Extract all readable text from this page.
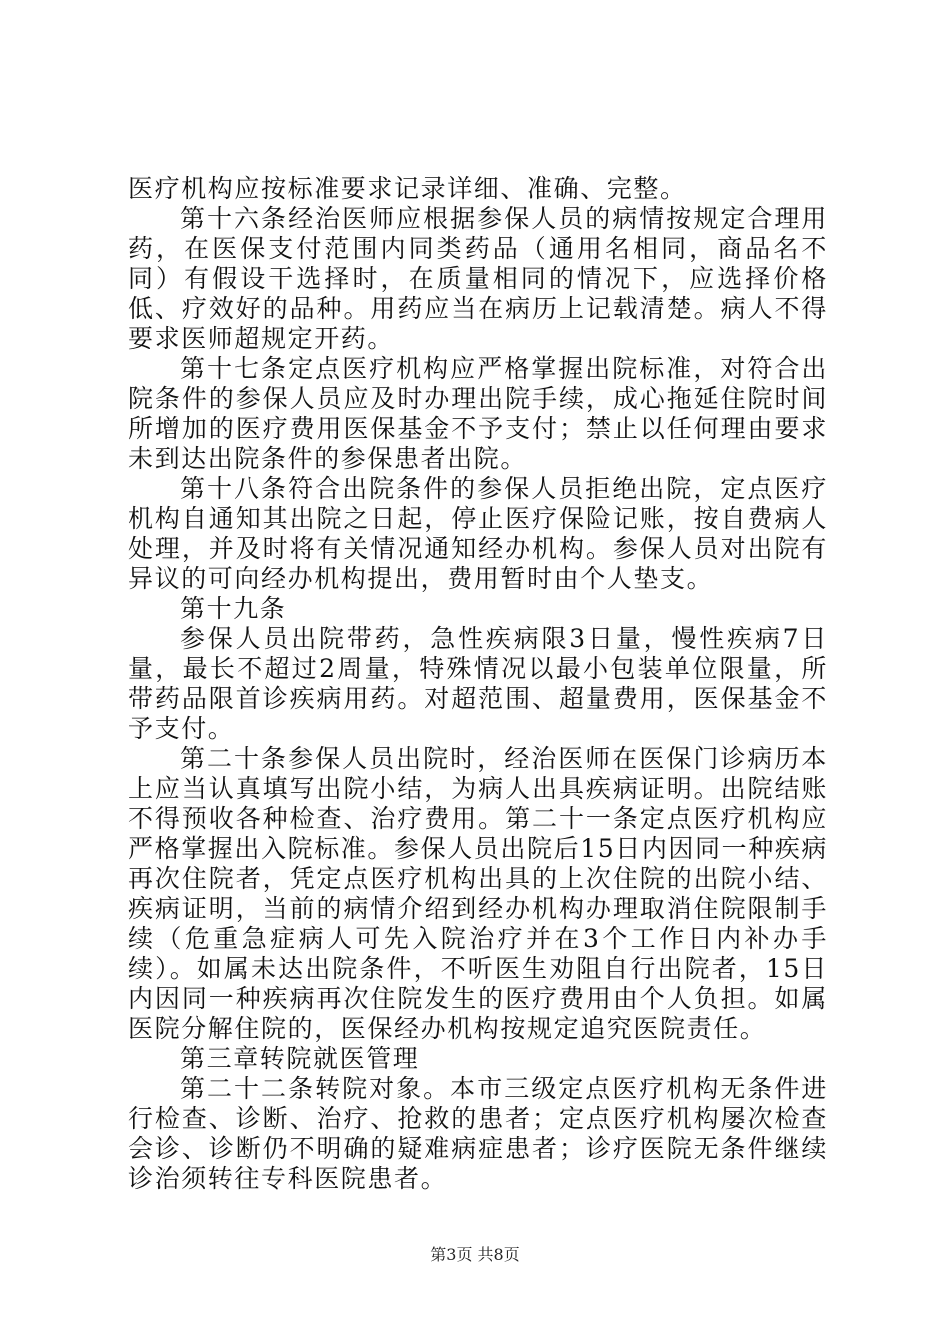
医疗机构应按标准要求记录详细、准确、完整。

第十六条经治医师应根据参保人员的病情按规定合理用药，在医保支付范围内同类药品（通用名相同，商品名不同）有假设干选择时，在质量相同的情况下，应选择价格低、疗效好的品种。用药应当在病历上记载清楚。病人不得要求医师超规定开药。

第十七条定点医疗机构应严格掌握出院标准，对符合出院条件的参保人员应及时办理出院手续，成心拖延住院时间所增加的医疗费用医保基金不予支付；禁止以任何理由要求未到达出院条件的参保患者出院。

第十八条符合出院条件的参保人员拒绝出院，定点医疗机构自通知其出院之日起，停止医疗保险记账，按自费病人处理，并及时将有关情况通知经办机构。参保人员对出院有异议的可向经办机构提出，费用暂时由个人垫支。

第十九条

参保人员出院带药，急性疾病限3日量，慢性疾病7日量，最长不超过2周量，特殊情况以最小包装单位限量，所带药品限首诊疾病用药。对超范围、超量费用，医保基金不予支付。

第二十条参保人员出院时，经治医师在医保门诊病历本上应当认真填写出院小结，为病人出具疾病证明。出院结账不得预收各种检查、治疗费用。第二十一条定点医疗机构应严格掌握出入院标准。参保人员出院后15日内因同一种疾病再次住院者，凭定点医疗机构出具的上次住院的出院小结、疾病证明，当前的病情介绍到经办机构办理取消住院限制手续（危重急症病人可先入院治疗并在3个工作日内补办手续）。如属未达出院条件，不听医生劝阻自行出院者，15日内因同一种疾病再次住院发生的医疗费用由个人负担。如属医院分解住院的，医保经办机构按规定追究医院责任。

第三章转院就医管理

第二十二条转院对象。本市三级定点医疗机构无条件进行检查、诊断、治疗、抢救的患者；定点医疗机构屡次检查会诊、诊断仍不明确的疑难病症患者；诊疗医院无条件继续诊治须转往专科医院患者。

第3页 共8页
